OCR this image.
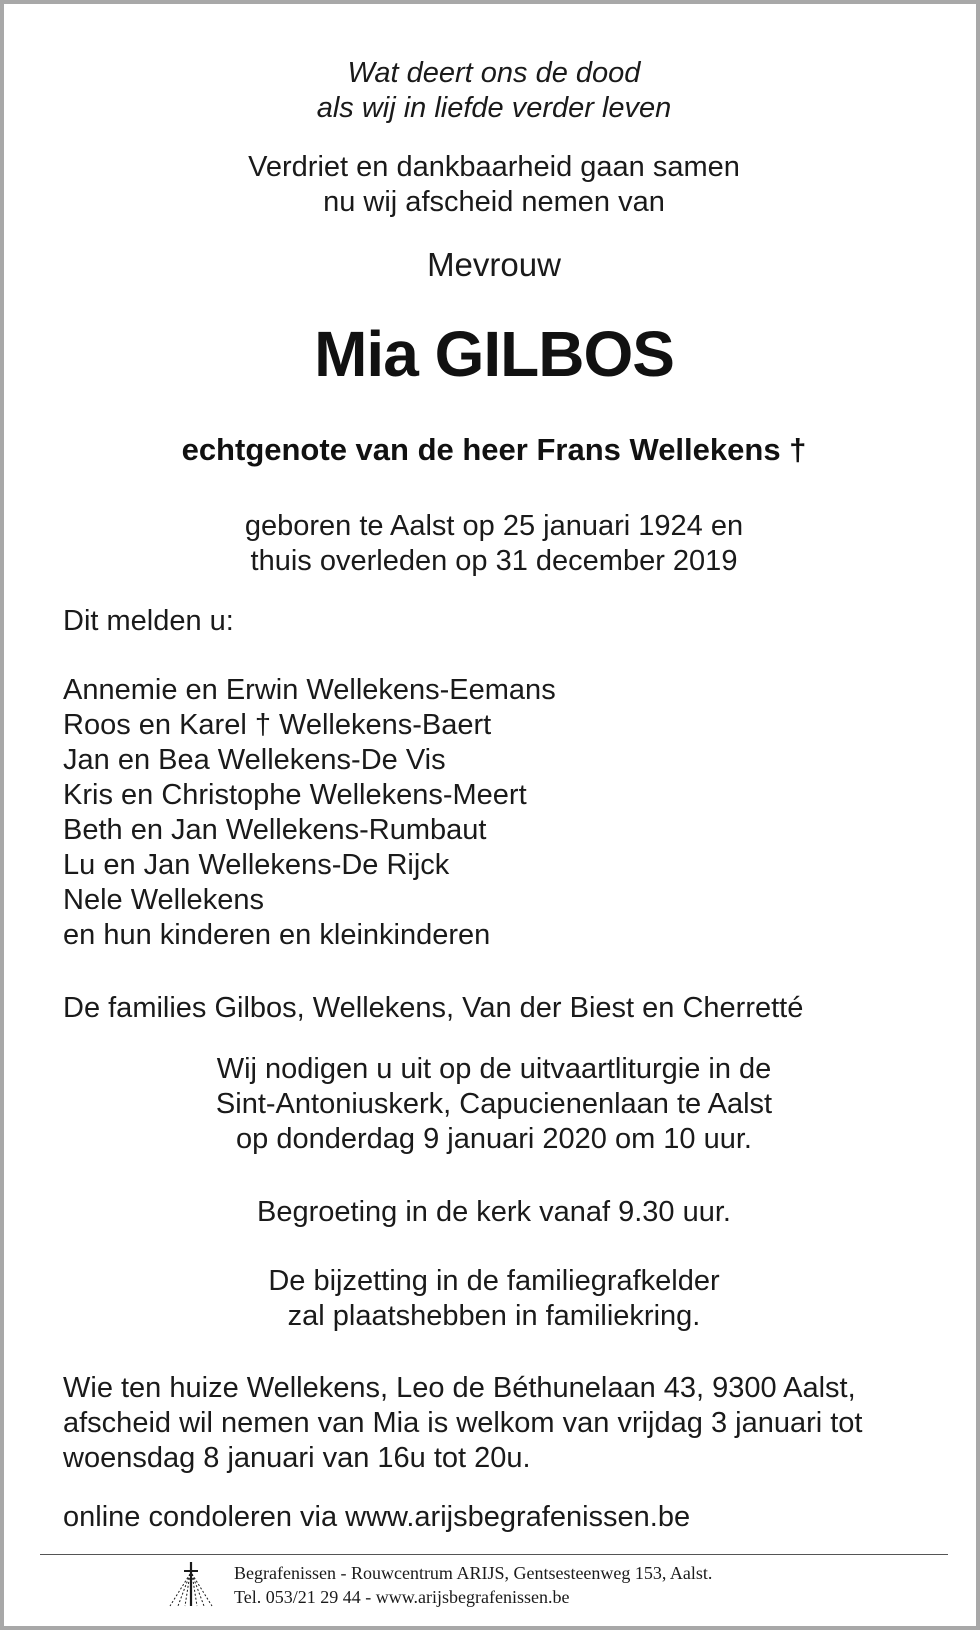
Wat deert ons de dood

als wij in liefde verder leven

Verdriet en dankbaarheid gaan samen

nu wij afscheid nemen van

Mevrouw

Mia GILBOS

echtgenote van de heer Frans Wellekens †

geboren te Aalst op 25 januari 1924 en

thuis overleden op 31 december 2019

Dit melden u:

Annemie en Erwin Wellekens-Eemans

Roos en Karel † Wellekens-Baert

Jan en Bea Wellekens-De Vis

Kris en Christophe Wellekens-Meert

Beth en Jan Wellekens-Rumbaut

Lu en Jan Wellekens-De Rijck

Nele Wellekens

en hun kinderen en kleinkinderen

De families Gilbos, Wellekens, Van der Biest en Cherretté

Wij nodigen u uit op de uitvaartliturgie in de

Sint-Antoniuskerk, Capucienenlaan te Aalst

op donderdag 9 januari 2020 om 10 uur.

Begroeting in de kerk vanaf 9.30 uur.

De bijzetting in de familiegrafkelder

zal plaatshebben in familiekring.

Wie ten huize Wellekens, Leo de Béthunelaan 43, 9300 Aalst,

afscheid wil nemen van Mia is welkom van vrijdag 3 januari tot

woensdag 8 januari van 16u tot 20u.

online condoleren via www.arijsbegrafenissen.be

Begrafenissen - Rouwcentrum ARIJS, Gentsesteenweg 153, Aalst.
Tel. 053/21 29 44 - www.arijsbegrafenissen.be
